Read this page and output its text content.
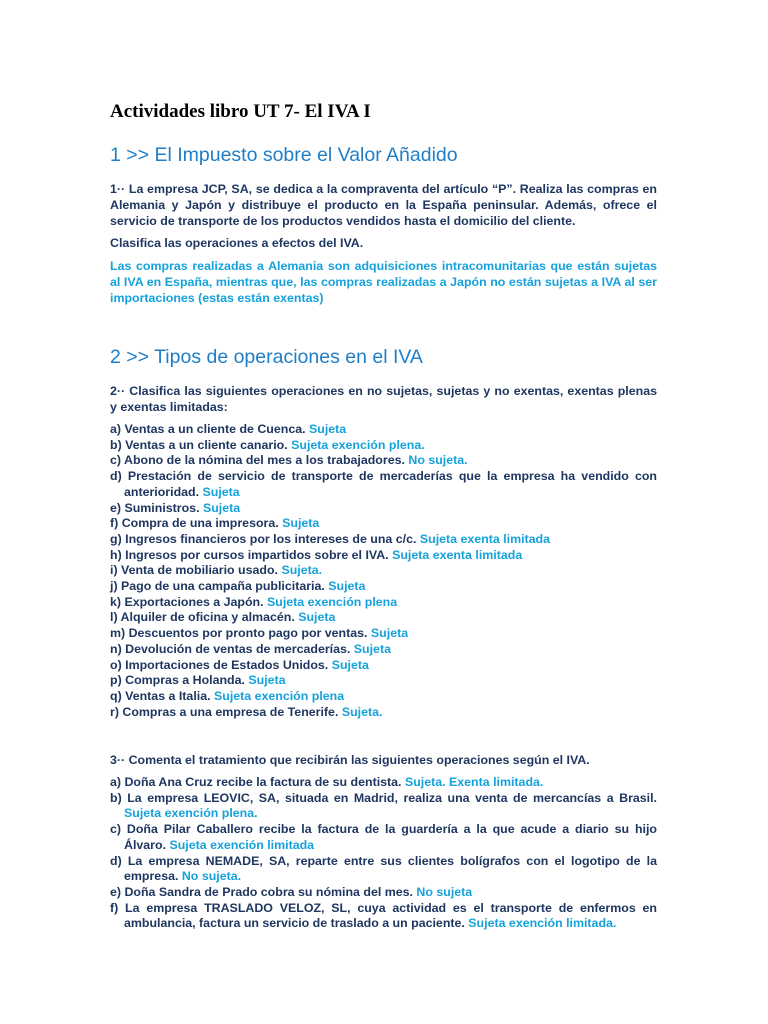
Actividades libro UT 7- El IVA I
1 >> El Impuesto sobre el Valor Añadido

1·· La empresa JCP, SA, se dedica a la compraventa del artículo “P”. Realiza las compras en Alemania y Japón y distribuye el producto en la España peninsular. Además, ofrece el servicio de transporte de los productos vendidos hasta el domicilio del cliente.

Clasifica las operaciones a efectos del IVA.

Las compras realizadas a Alemania son adquisiciones intracomunitarias que están sujetas al IVA en España, mientras que, las compras realizadas a Japón no están sujetas a IVA al ser importaciones (estas están exentas)

2 >> Tipos de operaciones en el IVA

2·· Clasifica las siguientes operaciones en no sujetas, sujetas y no exentas, exentas plenas y exentas limitadas:

a) Ventas a un cliente de Cuenca. Sujeta
b) Ventas a un cliente canario. Sujeta exención plena.
c) Abono de la nómina del mes a los trabajadores. No sujeta.
d) Prestación de servicio de transporte de mercaderías que la empresa ha vendido con anterioridad. Sujeta
e) Suministros. Sujeta
f) Compra de una impresora. Sujeta
g) Ingresos financieros por los intereses de una c/c. Sujeta exenta limitada
h) Ingresos por cursos impartidos sobre el IVA. Sujeta exenta limitada
i) Venta de mobiliario usado. Sujeta.
j) Pago de una campaña publicitaria. Sujeta
k) Exportaciones a Japón. Sujeta exención plena
l) Alquiler de oficina y almacén. Sujeta
m) Descuentos por pronto pago por ventas. Sujeta
n) Devolución de ventas de mercaderías. Sujeta
o) Importaciones de Estados Unidos. Sujeta
p) Compras a Holanda. Sujeta
q) Ventas a Italia. Sujeta exención plena
r) Compras a una empresa de Tenerife. Sujeta.

3·· Comenta el tratamiento que recibirán las siguientes operaciones según el IVA.

a) Doña Ana Cruz recibe la factura de su dentista. Sujeta. Exenta limitada.
b) La empresa LEOVIC, SA, situada en Madrid, realiza una venta de mercancías a Brasil. Sujeta exención plena.
c) Doña Pilar Caballero recibe la factura de la guardería a la que acude a diario su hijo Álvaro. Sujeta exención limitada
d) La empresa NEMADE, SA, reparte entre sus clientes bolígrafos con el logotipo de la empresa. No sujeta.
e) Doña Sandra de Prado cobra su nómina del mes. No sujeta
f) La empresa TRASLADO VELOZ, SL, cuya actividad es el transporte de enfermos en ambulancia, factura un servicio de traslado a un paciente. Sujeta exención limitada.
